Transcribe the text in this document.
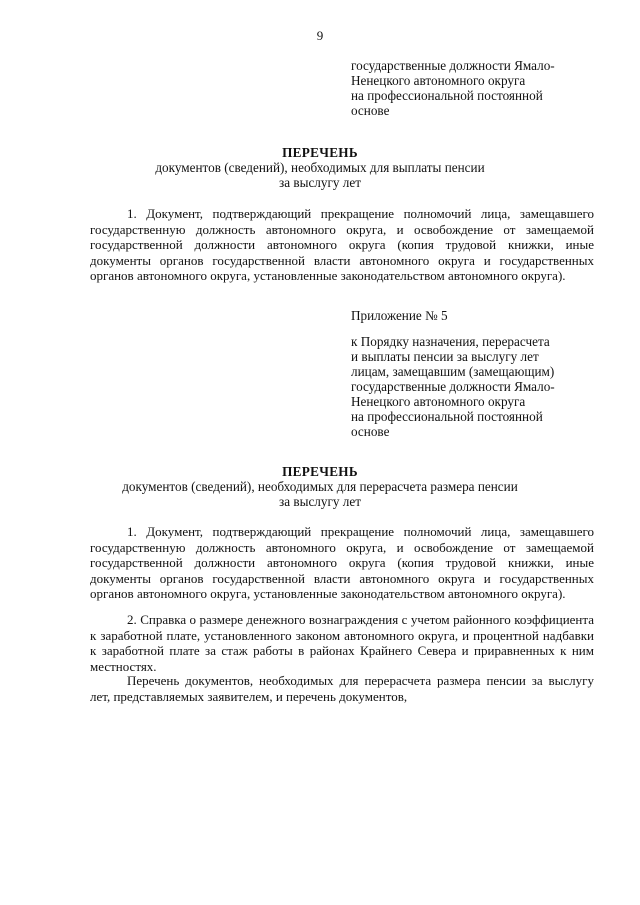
9
государственные должности Ямало-
Ненецкого автономного округа
на профессиональной постоянной
основе
ПЕРЕЧЕНЬ
документов (сведений), необходимых для выплаты пенсии
за выслугу лет

1. Документ, подтверждающий прекращение полномочий лица, замещавшего государственную должность автономного округа, и освобождение от замещаемой государственной должности автономного округа (копия трудовой книжки, иные документы органов государственной власти автономного округа и государственных органов автономного округа, установленные законодательством автономного округа).

Приложение № 5
к Порядку назначения, перерасчета
и выплаты пенсии за выслугу лет
лицам, замещавшим (замещающим)
государственные должности Ямало-
Ненецкого автономного округа
на профессиональной постоянной
основе
ПЕРЕЧЕНЬ
документов (сведений), необходимых для перерасчета размера пенсии
за выслугу лет

1. Документ, подтверждающий прекращение полномочий лица, замещавшего государственную должность автономного округа, и освобождение от замещаемой государственной должности автономного округа (копия трудовой книжки, иные документы органов государственной власти автономного округа и государственных органов автономного округа, установленные законодательством автономного округа).

2. Справка о размере денежного вознаграждения с учетом районного коэффициента к заработной плате, установленного законом автономного округа, и процентной надбавки к заработной плате за стаж работы в районах Крайнего Севера и приравненных к ним местностях.

Перечень документов, необходимых для перерасчета размера пенсии за выслугу лет, представляемых заявителем, и перечень документов,
